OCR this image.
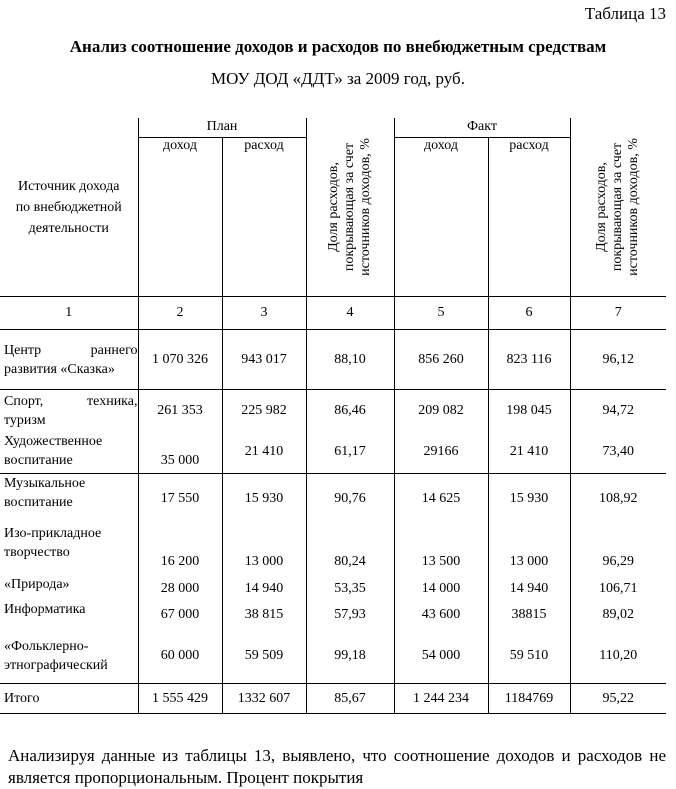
Таблица 13
Анализ соотношение доходов и расходов по внебюджетным средствам
МОУ ДОД «ДДТ» за 2009 год, руб.
Источник дохода по внебюджетной деятельности	План		Доля расходов, покрывающая за счет источников доходов, %	Факт		Доля расходов, покрывающая за счет источников доходов, %

	доход	расход		доход	расход	

1	2	3	4	5	6	7
Центр раннего развития «Сказка»	1 070 326	943 017	88,10	856 260	823 116	96,12
Спорт, техника, туризм	261 353	225 982	86,46	209 082	198 045	94,72
Художественное воспитание	35 000	21 410	61,17	29166	21 410	73,40
Музыкальное воспитание	17 550	15 930	90,76	14 625	15 930	108,92
Изо-прикладное творчество	16 200	13 000	80,24	13 500	13 000	96,29
«Природа»	28 000	14 940	53,35	14 000	14 940	106,71
Информатика	67 000	38 815	57,93	43 600	38815	89,02
«Фольклерно-этнографический	60 000	59 509	99,18	54 000	59 510	110,20
Итого	1 555 429	1332 607	85,67	1 244 234	1184769	95,22
Анализируя данные из таблицы 13, выявлено, что соотношение доходов и расходов не является пропорциональным. Процент покрытия
